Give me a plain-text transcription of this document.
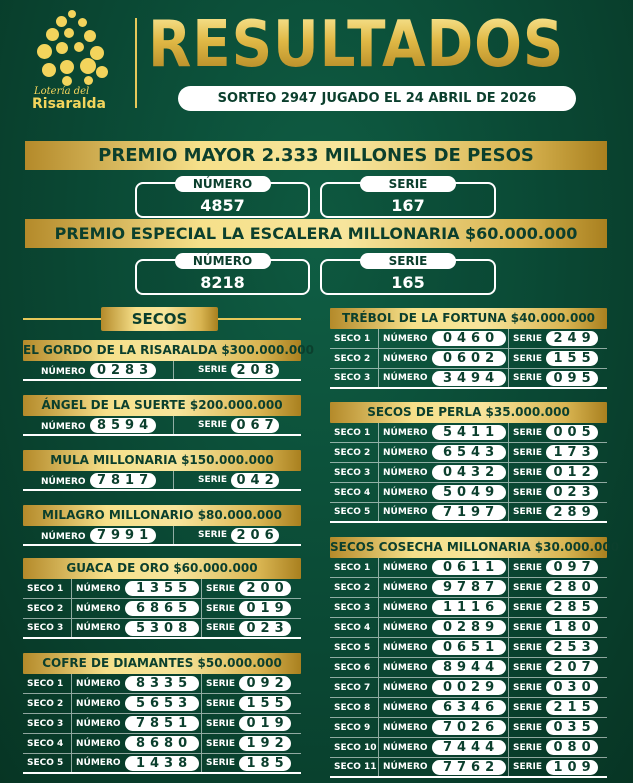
Lotería del
Risaralda
RESULTADOS
SORTEO 2947 JUGADO EL 24 ABRIL DE 2026
PREMIO MAYOR 2.333 MILLONES DE PESOS
NÚMERO
4857
SERIE
167
PREMIO ESPECIAL LA ESCALERA MILLONARIA $60.000.000
NÚMERO
8218
SERIE
165
SECOS
EL GORDO DE LA RISARALDA $300.000.000
NÚMERO 0283	SERIE 208
ÁNGEL DE LA SUERTE $200.000.000
NÚMERO 8594	SERIE 067
MULA MILLONARIA $150.000.000
NÚMERO 7817	SERIE 042
MILAGRO MILLONARIO $80.000.000
NÚMERO 7991	SERIE 206
GUACA DE ORO $60.000.000
SECO 1	NÚMERO	1355	SERIE 200
SECO 2	NÚMERO	6865	SERIE 019
SECO 3	NÚMERO	5308	SERIE 023
COFRE DE DIAMANTES $50.000.000
SECO 1	NÚMERO	8335	SERIE 092
SECO 2	NÚMERO	5653	SERIE 155
SECO 3	NÚMERO	7851	SERIE 019
SECO 4	NÚMERO	8680	SERIE 192
SECO 5	NÚMERO	1438	SERIE 185
TRÉBOL DE LA FORTUNA $40.000.000
SECO 1	NÚMERO	0460	SERIE 249
SECO 2	NÚMERO	0602	SERIE 155
SECO 3	NÚMERO	3494	SERIE 095
SECOS DE PERLA $35.000.000
SECO 1	NÚMERO	5411	SERIE 005
SECO 2	NÚMERO	6543	SERIE 173
SECO 3	NÚMERO	0432	SERIE 012
SECO 4	NÚMERO	5049	SERIE 023
SECO 5	NÚMERO	7197	SERIE 289
SECOS COSECHA MILLONARIA $30.000.000
SECO 1	NÚMERO	0611	SERIE 097
SECO 2	NÚMERO	9787	SERIE 280
SECO 3	NÚMERO	1116	SERIE 285
SECO 4	NÚMERO	0289	SERIE 180
SECO 5	NÚMERO	0651	SERIE 253
SECO 6	NÚMERO	8944	SERIE 207
SECO 7	NÚMERO	0029	SERIE 030
SECO 8	NÚMERO	6346	SERIE 215
SECO 9	NÚMERO	7026	SERIE 035
SECO 10 NÚMERO	7444	SERIE 080
SECO 11 NÚMERO	7762	SERIE 109
